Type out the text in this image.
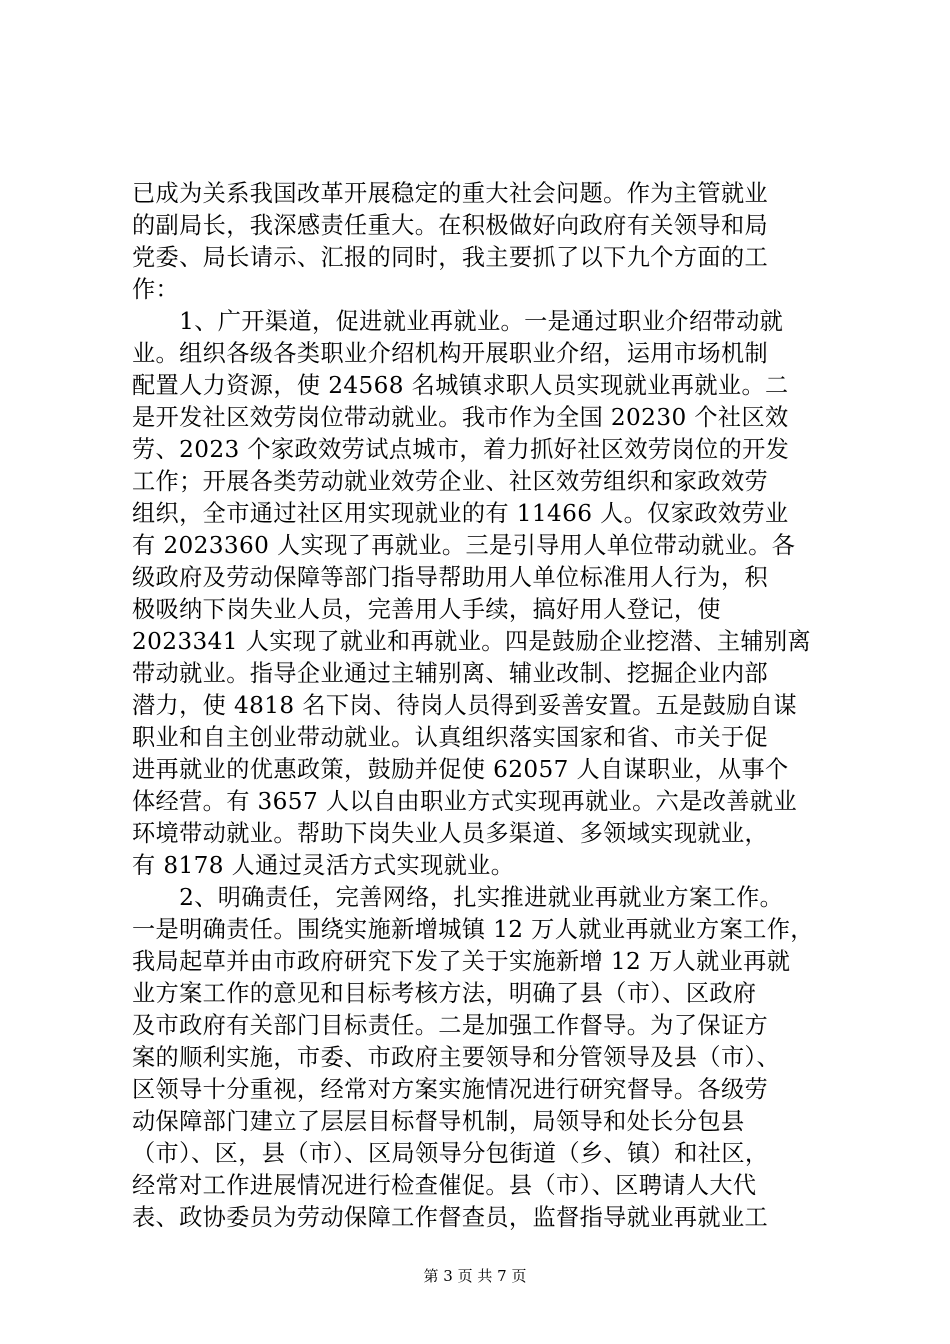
已成为关系我国改革开展稳定的重大社会问题。作为主管就业
的副局长，我深感责任重大。在积极做好向政府有关领导和局
党委、局长请示、汇报的同时，我主要抓了以下九个方面的工
作：
　　1、广开渠道，促进就业再就业。一是通过职业介绍带动就
业。组织各级各类职业介绍机构开展职业介绍，运用市场机制
配置人力资源，使 24568 名城镇求职人员实现就业再就业。二
是开发社区效劳岗位带动就业。我市作为全国 20230 个社区效
劳、2023 个家政效劳试点城市，着力抓好社区效劳岗位的开发
工作；开展各类劳动就业效劳企业、社区效劳组织和家政效劳
组织，全市通过社区用实现就业的有 11466 人。仅家政效劳业
有 2023360 人实现了再就业。三是引导用人单位带动就业。各
级政府及劳动保障等部门指导帮助用人单位标准用人行为，积
极吸纳下岗失业人员，完善用人手续，搞好用人登记，使
2023341 人实现了就业和再就业。四是鼓励企业挖潜、主辅别离
带动就业。指导企业通过主辅别离、辅业改制、挖掘企业内部
潜力，使 4818 名下岗、待岗人员得到妥善安置。五是鼓励自谋
职业和自主创业带动就业。认真组织落实国家和省、市关于促
进再就业的优惠政策，鼓励并促使 62057 人自谋职业，从事个
体经营。有 3657 人以自由职业方式实现再就业。六是改善就业
环境带动就业。帮助下岗失业人员多渠道、多领域实现就业，
有 8178 人通过灵活方式实现就业。
　　2、明确责任，完善网络，扎实推进就业再就业方案工作。
一是明确责任。围绕实施新增城镇 12 万人就业再就业方案工作，
我局起草并由市政府研究下发了关于实施新增 12 万人就业再就
业方案工作的意见和目标考核方法，明确了县（市）、区政府
及市政府有关部门目标责任。二是加强工作督导。为了保证方
案的顺利实施，市委、市政府主要领导和分管领导及县（市）、
区领导十分重视，经常对方案实施情况进行研究督导。各级劳
动保障部门建立了层层目标督导机制，局领导和处长分包县
（市）、区，县（市）、区局领导分包街道（乡、镇）和社区，
经常对工作进展情况进行检查催促。县（市）、区聘请人大代
表、政协委员为劳动保障工作督查员，监督指导就业再就业工
第 3 页 共 7 页
